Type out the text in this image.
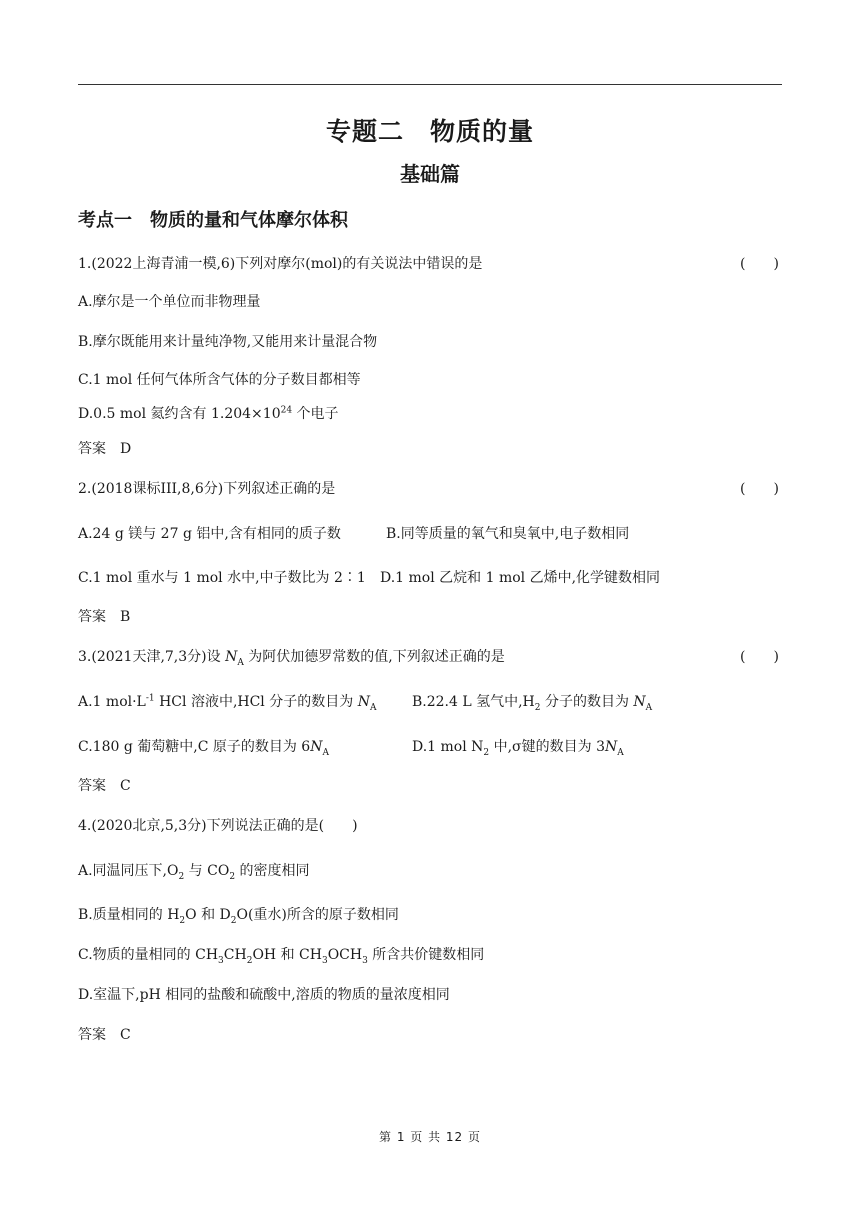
专题二　物质的量
基础篇
考点一　物质的量和气体摩尔体积
1.(2022上海青浦一模,6)下列对摩尔(mol)的有关说法中错误的是	(　　)
A.摩尔是一个单位而非物理量
B.摩尔既能用来计量纯净物,又能用来计量混合物
C.1 mol 任何气体所含气体的分子数目都相等
D.0.5 mol 氦约含有 $1.204\times 10^{24}$ 个电子
答案　 D
2.(2018课标III,8,6分)下列叙述正确的是	(　　)
A.24 g 镁与 27 g 铝中,含有相同的质子数	B.同等质量的氧气和臭氧中,电子数相同
C.1 mol 重水与 1 mol 水中,中子数比为 2∶1 D.1 mol 乙烷和 1 mol 乙烯中,化学键数相同
答案　 B
3.(2021天津,7,3分)设 $N_A$ 为阿伏加德罗常数的值,下列叙述正确的是	(　　)
A.1 $mol\cdot L^{-1}$ HCl 溶液中,HCl 分子的数目为 $N_A$	B.22.4 L 氢气中$,H_2$ 分子的数目为 $N_A$
C.180 g 葡萄糖中,C 原子的数目为 $6N_A$	D.1 mol $N_2$ 中,σ键的数目为 $3N_A$
答案　 C
4.(2020北京,5,3分)下列说法正确的是(　　)
A.同温同压下$,O_2$ 与 $CO_2$ 的密度相同
B.质量相同的 $H_2O$ 和 $D_2O$(重水)所含的原子数相同
C.物质的量相同的 $CH_3CH_2OH$ 和 $CH_3OCH_3$ 所含共价键数相同
D.室温下,pH 相同的盐酸和硫酸中,溶质的物质的量浓度相同
答案　 C
第 1 页 共 12 页
